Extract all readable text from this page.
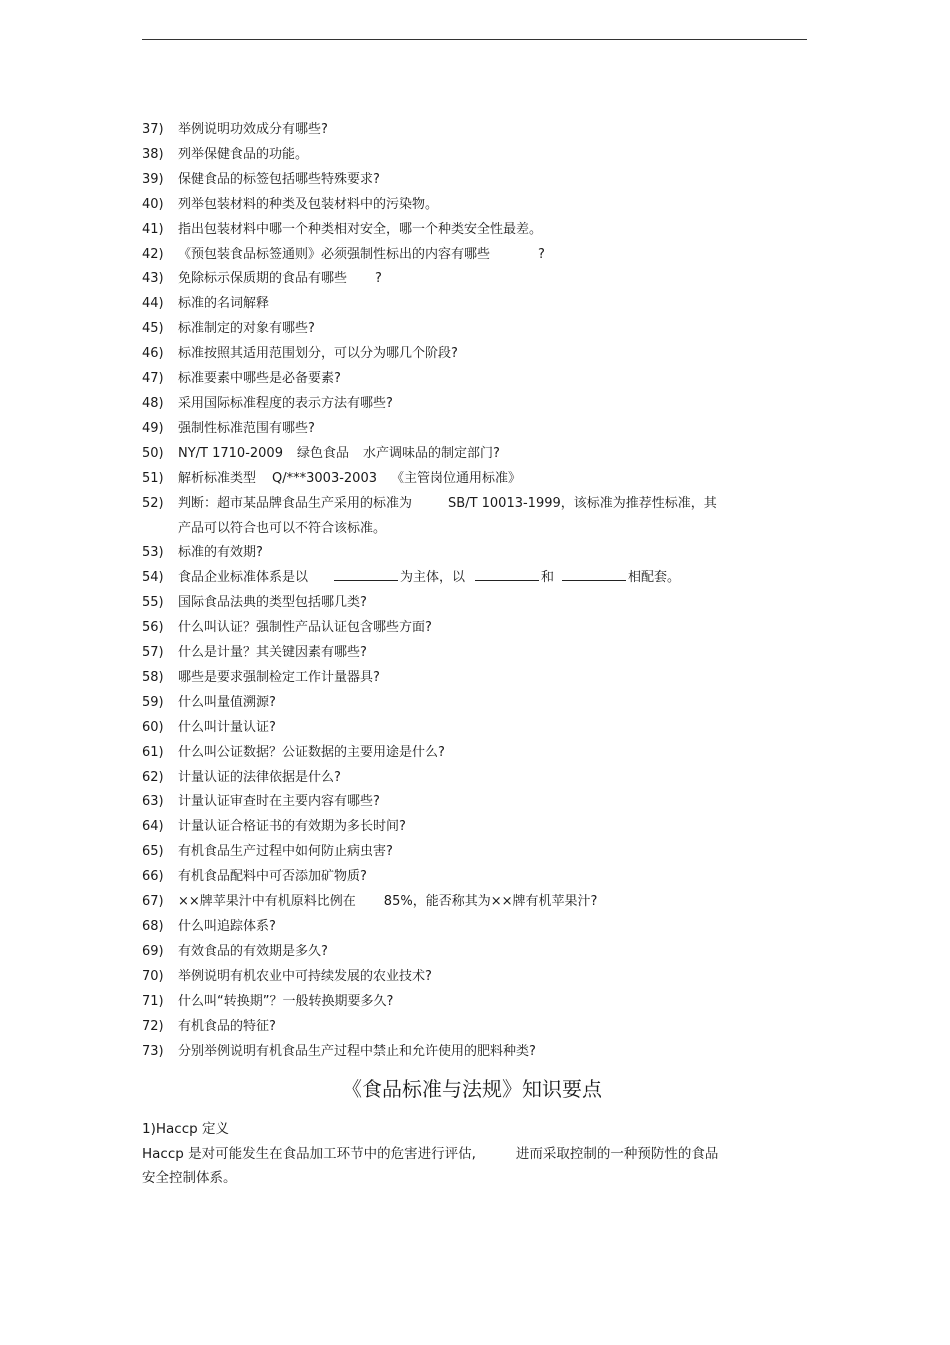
37)	举例说明功效成分有哪些?
38)	列举保健食品的功能。
39)	保健食品的标签包括哪些特殊要求?
40)	列举包装材料的种类及包装材料中的污染物。
41)	指出包装材料中哪一个种类相对安全，哪一个种类安全性最差。
42)	《预包装食品标签通则》必须强制性标出的内容有哪些	?
43)	免除标示保质期的食品有哪些 ?
44)	标准的名词解释
45)	标准制定的对象有哪些?
46)	标准按照其适用范围划分，可以分为哪几个阶段?
47)	标准要素中哪些是必备要素?
48)	采用国际标准程度的表示方法有哪些?
49)	强制性标准范围有哪些?
50)	NY/T 1710-2009 绿色食品 水产调味品的制定部门?
51)	解析标准类型 Q/***3003-2003 《主管岗位通用标准》
52)	判断：超市某品牌食品生产采用的标准为	SB/T 10013-1999，该标准为推荐性标准，其
产品可以符合也可以不符合该标准。
53)	标准的有效期?
54)	食品企业标准体系是以	为主体，以	和	相配套。
55)	国际食品法典的类型包括哪几类?
56)	什么叫认证？强制性产品认证包含哪些方面?
57)	什么是计量？其关键因素有哪些?
58)	哪些是要求强制检定工作计量器具?
59)	什么叫量值溯源?
60)	什么叫计量认证?
61)	什么叫公证数据？公证数据的主要用途是什么?
62)	计量认证的法律依据是什么?
63)	计量认证审查时在主要内容有哪些?
64)	计量认证合格证书的有效期为多长时间?
65)	有机食品生产过程中如何防止病虫害?
66)	有机食品配料中可否添加矿物质?
67)	××牌苹果汁中有机原料比例在 85%，能否称其为××牌有机苹果汁?
68)	什么叫追踪体系?
69)	有效食品的有效期是多久?
70)	举例说明有机农业中可持续发展的农业技术?
71)	什么叫“转换期”？一般转换期要多久?
72)	有机食品的特征?
73)	分别举例说明有机食品生产过程中禁止和允许使用的肥料种类?
《食品标准与法规》知识要点
1)Haccp 定义
Haccp 是对可能发生在食品加工环节中的危害进行评估,	进而采取控制的一种预防性的食品
安全控制体系。
